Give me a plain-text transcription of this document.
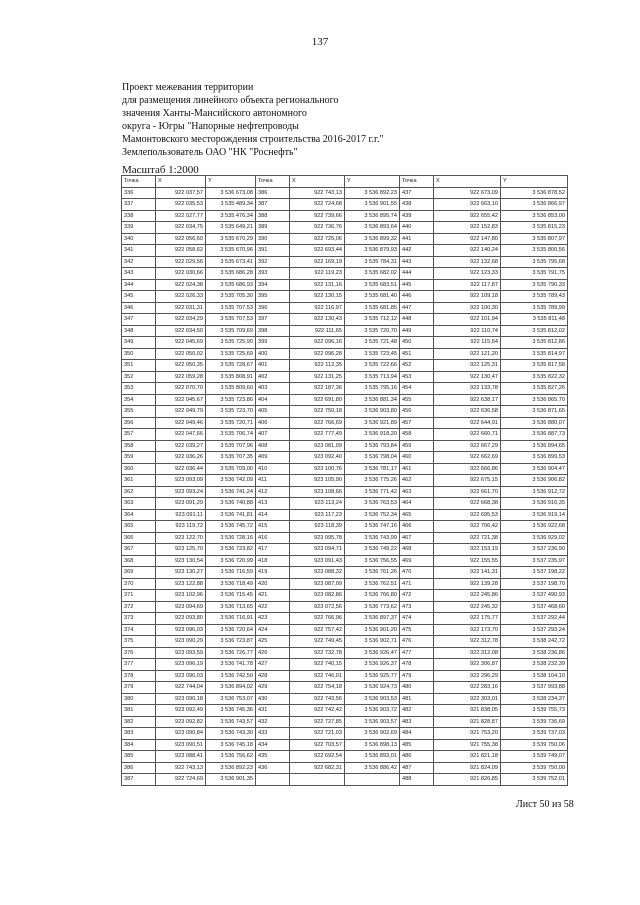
137
Проект межевания территории
для размещения линейного объекта регионального
значения Ханты-Мансийского автономного
округа - Югры "Напорные нефтепроводы
Мамонтовского месторождения строительства 2016-2017 г.г."
Землепользователь ОАО "НК "Роснефть"
Масштаб 1:2000
Точка	X	Y	Точка	X	Y	Точка	X	Y
336	922 037,57	3 536 673,08	386	922 743,13	3 536 892,23	437	922 673,09	3 536 878,52
337	922 035,53	3 535 489,34	387	922 724,68	3 536 901,55	438	922 663,10	3 536 866,97
338	922 027,77	3 535 476,34	388	922 739,66	3 536 895,74	439	922 655,42	3 536 853,00
339	922 034,75	3 535 649,21	389	922 736,76	3 536 893,64	440	922 152,83	3 535 815,23
340	922 056,60	3 535 670,29	390	922 725,06	3 536 899,32	441	922 147,80	3 535 807,97
341	922 058,62	3 535 670,96	391	922 693,44	3 536 879,93	442	922 140,24	3 535 800,56
342	922 029,56	3 535 673,41	392	922 169,19	3 535 784,31	443	922 132,68	3 535 795,68
343	922 030,66	3 535 686,28	393	922 119,23	3 535 682,02	444	922 123,33	3 535 791,75
344	922 024,38	3 535 686,93	394	922 131,16	3 535 683,51	445	922 117,87	3 535 790,33
345	922 026,33	3 535 705,30	395	922 130,15	3 535 681,40	446	922 109,18	3 535 789,43
346	922 031,31	3 535 707,53	396	922 116,97	3 535 681,85	447	922 100,30	3 535 789,99
347	922 034,29	3 535 707,53	397	922 130,43	3 535 712,12	448	922 101,94	3 535 811,48
348	922 034,50	3 535 709,69	398	922 111,65	3 535 720,70	449	922 110,74	3 535 812,02
349	922 045,69	3 535 725,90	399	922 096,16	3 535 721,48	450	922 115,64	3 535 812,86
350	922 050,02	3 535 725,69	400	922 096,28	3 535 723,45	451	922 121,20	3 535 814,97
351	922 050,35	3 535 728,67	401	922 112,35	3 535 722,66	452	922 125,31	3 535 817,58
352	922 059,28	3 535 808,91	402	922 131,25	3 535 713,94	453	922 130,47	3 535 822,32
353	922 070,70	3 535 809,60	403	922 187,36	3 535 795,16	454	922 133,78	3 535 827,26
354	922 045,67	3 535 723,86	404	922 691,80	3 536 881,34	455	922 638,17	3 536 865,70
355	922 049,79	3 535 723,70	405	922 750,18	3 536 903,80	456	922 636,58	3 536 871,65
356	922 049,46	3 535 720,71	406	922 766,69	3 536 921,89	457	922 644,91	3 536 880,07
357	922 047,66	3 535 706,74	407	922 777,49	3 536 918,20	458	922 660,71	3 536 887,73
358	922 039,27	3 535 707,96	408	923 081,09	3 536 793,84	459	922 667,29	3 536 894,65
359	922 036,26	3 535 707,35	409	923 092,40	3 536 798,04	460	922 662,69	3 536 899,53
360	922 036,44	3 535 709,00	410	923 100,76	3 536 781,17	461	922 666,86	3 536 904,47
361	923 093,09	3 536 742,09	411	923 105,90	3 536 775,26	462	922 675,15	3 536 906,82
362	923 093,24	3 536 741,24	412	923 108,66	3 536 771,42	463	922 661,70	3 536 912,72
363	923 091,29	3 536 740,88	413	923 113,24	3 536 763,53	464	922 668,38	3 536 916,35
364	923 091,11	3 536 741,81	414	923 117,23	3 536 752,34	465	922 695,53	3 536 919,14
365	923 119,72	3 536 745,72	415	923 118,39	3 536 747,16	466	922 706,42	3 536 922,68
366	923 122,70	3 536 728,16	416	923 095,78	3 536 743,99	467	922 721,38	3 536 929,02
367	923 125,70	3 536 723,82	417	923 094,71	3 536 749,22	468	922 153,19	3 537 236,90
368	923 130,54	3 536 720,99	418	923 091,43	3 536 756,55	469	922 155,55	3 537 235,97
369	923 130,27	3 536 716,59	419	923 088,32	3 536 761,26	470	922 141,31	3 537 198,22
370	923 122,88	3 536 718,49	420	923 087,09	3 536 762,51	471	922 139,28	3 537 198,70
371	923 102,96	3 536 715,45	421	923 082,86	3 536 766,80	472	922 245,86	3 537 490,93
372	923 094,69	3 536 713,65	422	923 072,56	3 536 773,62	473	922 245,32	3 537 468,60
373	923 093,80	3 536 716,91	423	922 766,96	3 536 897,37	474	922 175,77	3 537 292,44
374	923 096,03	3 536 720,64	424	922 757,42	3 536 901,20	475	922 173,70	3 537 293,24
375	923 090,29	3 536 723,87	425	922 749,45	3 536 902,71	476	922 312,78	3 538 242,72
376	923 093,59	3 536 726,77	426	922 732,78	3 536 926,47	477	922 312,08	3 538 236,86
377	923 096,19	3 536 741,78	427	922 740,15	3 536 926,37	478	922 306,87	3 538 232,39
378	923 096,03	3 536 742,50	428	922 746,01	3 536 925,77	479	922 296,29	3 538 104,10
379	922 744,04	3 536 894,02	429	922 754,18	3 536 924,73	480	922 283,16	3 537 993,88
380	923 090,18	3 536 753,07	430	922 743,56	3 536 903,53	481	922 303,01	3 538 234,37
381	923 092,49	3 536 745,36	431	922 742,42	3 536 903,72	482	921 838,05	3 539 755,73
382	923 092,82	3 536 743,57	432	922 727,85	3 536 903,57	483	921 828,87	3 539 736,69
383	923 090,84	3 536 743,30	433	922 721,03	3 536 902,69	484	921 753,20	3 539 737,03
384	923 090,51	3 536 745,18	434	922 703,57	3 536 898,13	485	921 755,38	3 539 750,06
385	923 088,41	3 536 756,62	435	922 692,54	3 536 893,01	486	921 821,18	3 539 749,07
386	922 743,13	3 536 892,23	436	922 682,31	3 536 886,42	487	921 824,09	3 539 750,00
387	922 724,69	3 536 901,35				488	921 826,85	3 539 752,01
Лист 50 из 58
